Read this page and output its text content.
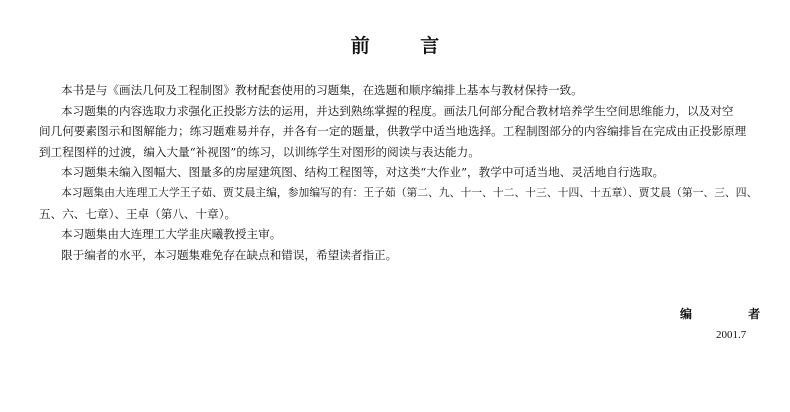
前 言

本书是与《画法几何及工程制图》教材配套使用的习题集，在选题和顺序编排上基本与教材保持一致。

本习题集的内容选取力求强化正投影方法的运用，并达到熟练掌握的程度。画法几何部分配合教材培养学生空间思维能力，以及对空
间几何要素图示和图解能力；练习题难易并存，并各有一定的题量，供教学中适当地选择。工程制图部分的内容编排旨在完成由正投影原理
到工程图样的过渡，编入大量“补视图”的练习，以训练学生对图形的阅读与表达能力。

本习题集未编入图幅大、图量多的房屋建筑图、结构工程图等，对这类“大作业”，教学中可适当地、灵活地自行选取。

本习题集由大连理工大学王子茹、贾艾晨主编，参加编写的有：王子茹（第二、九、十一、十二、十三、十四、十五章）、贾艾晨（第一、三、四、
五、六、七章）、王卓（第八、十章）。

本习题集由大连理工大学韭庆曦教授主审。

限于编者的水平，本习题集难免存在缺点和错误，希望读者指正。

编 者
2001.7
